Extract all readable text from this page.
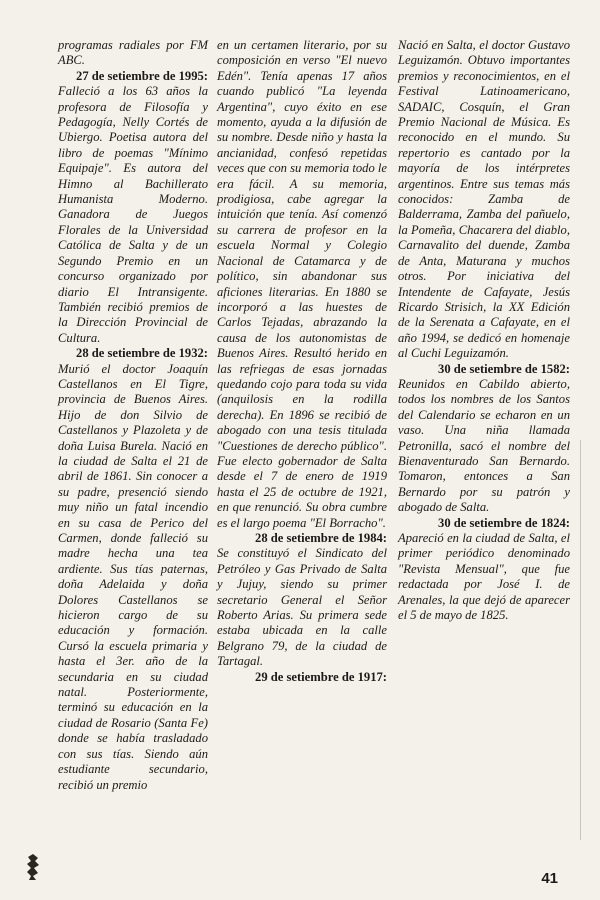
programas radiales por FM ABC.

27 de setiembre de 1995:

Falleció a los 63 años la profesora de Filosofía y Pedagogía, Nelly Cortés de Ubiergo. Poetisa autora del libro de poemas "Mínimo Equipaje". Es autora del Himno al Bachillerato Humanista Moderno. Ganadora de Juegos Florales de la Universidad Católica de Salta y de un Segundo Premio en un concurso organizado por diario El Intransigente. También recibió premios de la Dirección Provincial de Cultura.

28 de setiembre de 1932:

Murió el doctor Joaquín Castellanos en El Tigre, provincia de Buenos Aires. Hijo de don Silvio de Castellanos y Plazoleta y de doña Luisa Burela. Nació en la ciudad de Salta el 21 de abril de 1861. Sin conocer a su padre, presenció siendo muy niño un fatal incendio en su casa de Perico del Carmen, donde falleció su madre hecha una tea ardiente. Sus tías paternas, doña Adelaida y doña Dolores Castellanos se hicieron cargo de su educación y formación. Cursó la escuela primaria y hasta el 3er. año de la secundaria en su ciudad natal. Posteriormente, terminó su educación en la ciudad de Rosario (Santa Fe) donde se había trasladado con sus tías. Siendo aún estudiante secundario, recibió un premio

en un certamen literario, por su composición en verso "El nuevo Edén". Tenía apenas 17 años cuando publicó "La leyenda Argentina", cuyo éxito en ese momento, ayuda a la difusión de su nombre. Desde niño y hasta la ancianidad, confesó repetidas veces que con su memoria todo le era fácil. A su memoria, prodigiosa, cabe agregar la intuición que tenía. Así comenzó su carrera de profesor en la escuela Normal y Colegio Nacional de Catamarca y de político, sin abandonar sus aficiones literarias. En 1880 se incorporó a las huestes de Carlos Tejadas, abrazando la causa de los autonomistas de Buenos Aires. Resultó herido en las refriegas de esas jornadas quedando cojo para toda su vida (anquilosis en la rodilla derecha). En 1896 se recibió de abogado con una tesis titulada "Cuestiones de derecho público". Fue electo gobernador de Salta desde el 7 de enero de 1919 hasta el 25 de octubre de 1921, en que renunció. Su obra cumbre es el largo poema "El Borracho".

28 de setiembre de 1984:

Se constituyó el Sindicato del Petróleo y Gas Privado de Salta y Jujuy, siendo su primer secretario General el Señor Roberto Arias. Su primera sede estaba ubicada en la calle Belgrano 79, de la ciudad de Tartagal.

29 de setiembre de 1917:

Nació en Salta, el doctor Gustavo Leguizamón. Obtuvo importantes premios y reconocimientos, en el Festival Latinoamericano, SADAIC, Cosquín, el Gran Premio Nacional de Música. Es reconocido en el mundo. Su repertorio es cantado por la mayoría de los intérpretes argentinos. Entre sus temas más conocidos: Zamba de Balderrama, Zamba del pañuelo, la Pomeña, Chacarera del diablo, Carnavalito del duende, Zamba de Anta, Maturana y muchos otros. Por iniciativa del Intendente de Cafayate, Jesús Ricardo Strisich, la XX Edición de la Serenata a Cafayate, en el año 1994, se dedicó en homenaje al Cuchi Leguizamón.

30 de setiembre de 1582:

Reunidos en Cabildo abierto, todos los nombres de los Santos del Calendario se echaron en un vaso. Una niña llamada Petronilla, sacó el nombre del Bienaventurado San Bernardo. Tomaron, entonces a San Bernardo por su patrón y abogado de Salta.

30 de setiembre de 1824:

Apareció en la ciudad de Salta, el primer periódico denominado "Revista Mensual", que fue redactada por José I. de Arenales, la que dejó de aparecer el 5 de mayo de 1825.

41
